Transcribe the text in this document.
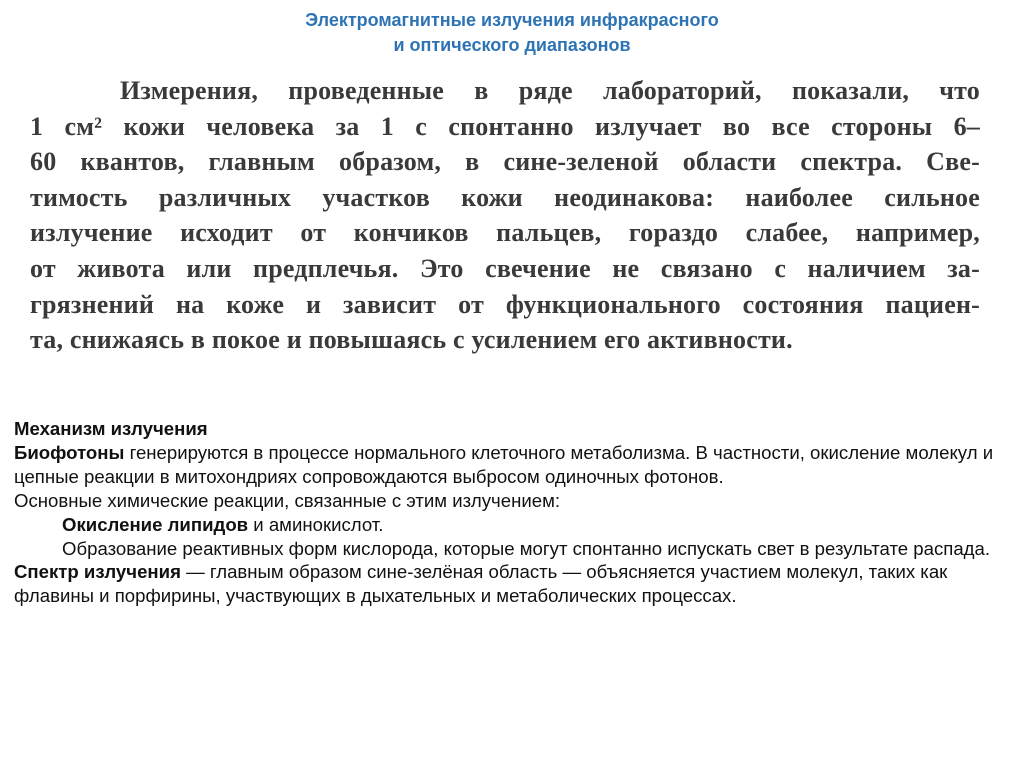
Электромагнитные излучения инфракрасного
и оптического диапазонов
Измерения, проведенные в ряде лабораторий, показали, что
1 см² кожи человека за 1 с спонтанно излучает во все стороны 6–
60 квантов, главным образом, в сине-зеленой области спектра. Све-
тимость различных участков кожи неодинакова: наиболее сильное
излучение исходит от кончиков пальцев, гораздо слабее, например,
от живота или предплечья. Это свечение не связано с наличием за-
грязнений на коже и зависит от функционального состояния пациен-
та, снижаясь в покое и повышаясь с усилением его активности.

Механизм излучения

Биофотоны генерируются в процессе нормального клеточного метаболизма. В частности, окисление молекул и цепные реакции в митохондриях сопровождаются выбросом одиночных фотонов.

Основные химические реакции, связанные с этим излучением:

Окисление липидов и аминокислот.

Образование реактивных форм кислорода, которые могут спонтанно испускать свет в результате распада.

Спектр излучения — главным образом сине-зелёная область — объясняется участием молекул, таких как флавины и порфирины, участвующих в дыхательных и метаболических процессах.
